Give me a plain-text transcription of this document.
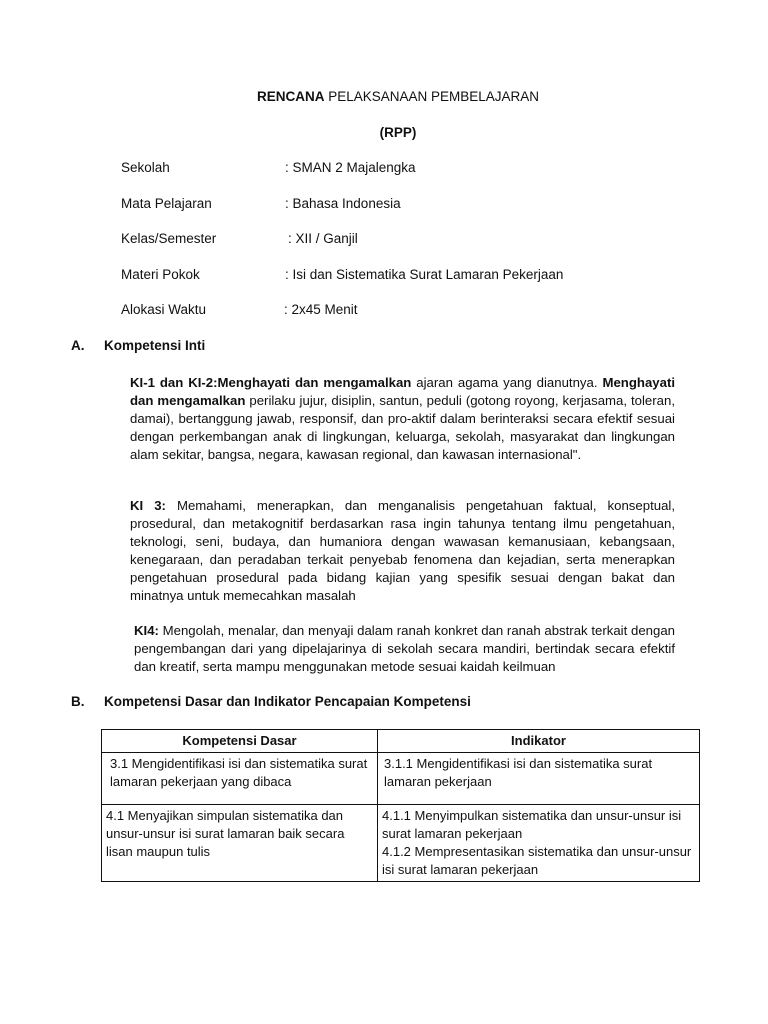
RENCANA PELAKSANAAN PEMBELAJARAN
(RPP)
Sekolah	: SMAN 2 Majalengka
Mata Pelajaran	: Bahasa Indonesia
Kelas/Semester	: XII / Ganjil
Materi Pokok	: Isi dan Sistematika Surat Lamaran Pekerjaan
Alokasi Waktu	: 2x45 Menit
A. Kompetensi Inti
KI-1 dan KI-2:Menghayati dan mengamalkan ajaran agama yang dianutnya. Menghayati dan mengamalkan perilaku jujur, disiplin, santun, peduli (gotong royong, kerjasama, toleran, damai), bertanggung jawab, responsif, dan pro-aktif dalam berinteraksi secara efektif sesuai dengan perkembangan anak di lingkungan, keluarga, sekolah, masyarakat dan lingkungan alam sekitar, bangsa, negara, kawasan regional, dan kawasan internasional".
KI 3: Memahami, menerapkan, dan menganalisis pengetahuan faktual, konseptual, prosedural, dan metakognitif berdasarkan rasa ingin tahunya tentang ilmu pengetahuan, teknologi, seni, budaya, dan humaniora dengan wawasan kemanusiaan, kebangsaan, kenegaraan, dan peradaban terkait penyebab fenomena dan kejadian, serta menerapkan pengetahuan prosedural pada bidang kajian yang spesifik sesuai dengan bakat dan minatnya untuk memecahkan masalah
KI4: Mengolah, menalar, dan menyaji dalam ranah konkret dan ranah abstrak terkait dengan pengembangan dari yang dipelajarinya di sekolah secara mandiri, bertindak secara efektif dan kreatif, serta mampu menggunakan metode sesuai kaidah keilmuan
B. Kompetensi Dasar dan Indikator Pencapaian Kompetensi
Kompetensi Dasar	Indikator
3.1 Mengidentifikasi isi dan sistematika surat lamaran pekerjaan yang dibaca	3.1.1 Mengidentifikasi isi dan sistematika surat lamaran pekerjaan
4.1 Menyajikan simpulan sistematika dan unsur-unsur isi surat lamaran baik secara lisan maupun tulis	4.1.1 Menyimpulkan sistematika dan unsur-unsur isi surat lamaran pekerjaan
4.1.2 Mempresentasikan sistematika dan unsur-unsur isi surat lamaran pekerjaan
